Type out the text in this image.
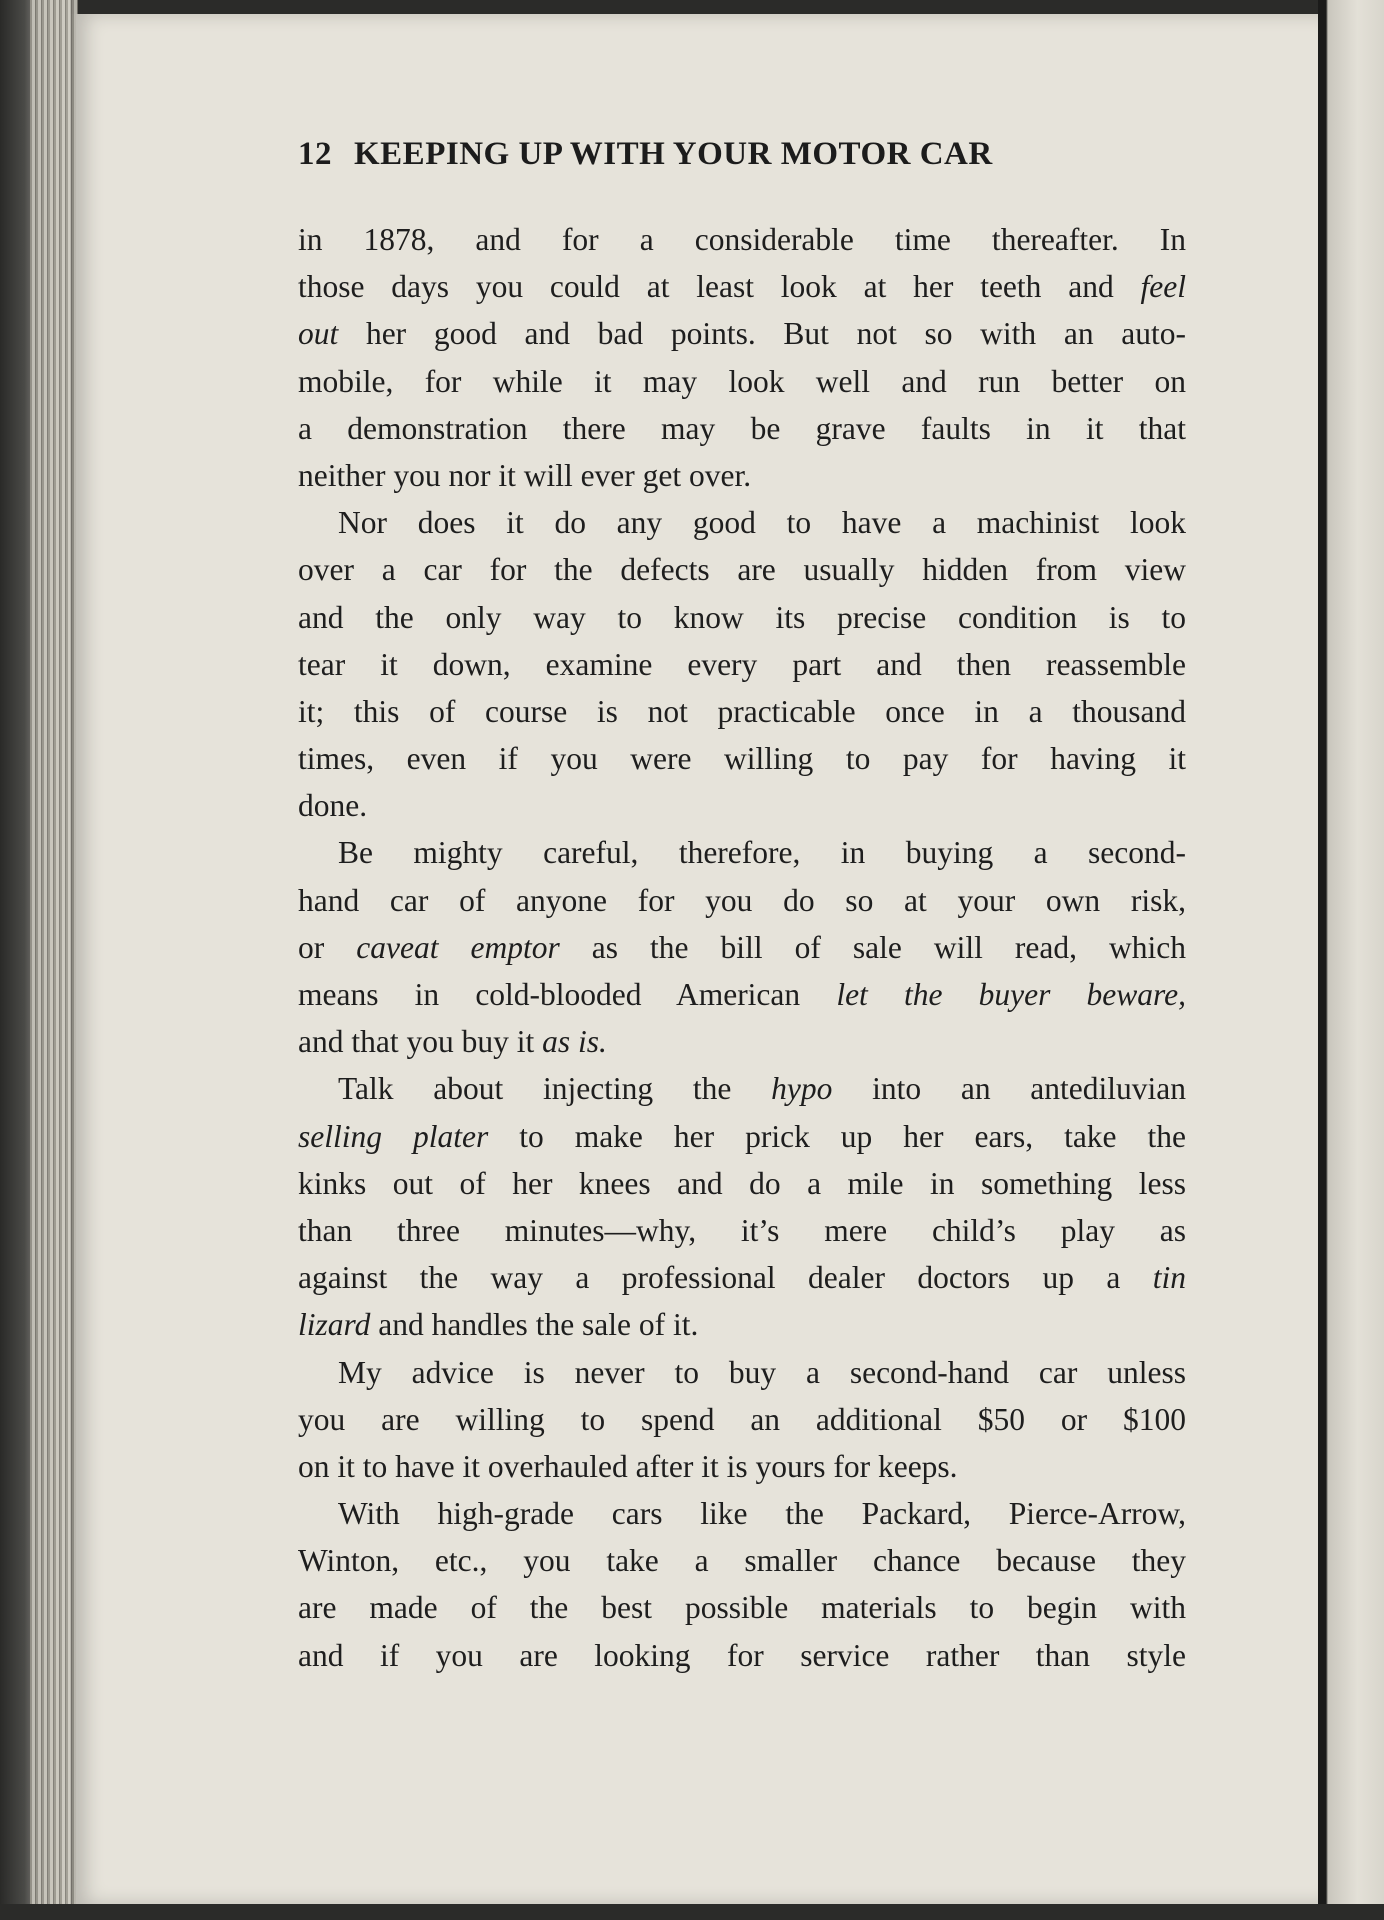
12 KEEPING UP WITH YOUR MOTOR CAR
in 1878, and for a considerable time thereafter. In
those days you could at least look at her teeth and feel
out her good and bad points. But not so with an auto-
mobile, for while it may look well and run better on
a demonstration there may be grave faults in it that
neither you nor it will ever get over.
Nor does it do any good to have a machinist look
over a car for the defects are usually hidden from view
and the only way to know its precise condition is to
tear it down, examine every part and then reassemble
it; this of course is not practicable once in a thousand
times, even if you were willing to pay for having it
done.
Be mighty careful, therefore, in buying a second-
hand car of anyone for you do so at your own risk,
or caveat emptor as the bill of sale will read, which
means in cold-blooded American let the buyer beware,
and that you buy it as is.
Talk about injecting the hypo into an antediluvian
selling plater to make her prick up her ears, take the
kinks out of her knees and do a mile in something less
than three minutes—why, it’s mere child’s play as
against the way a professional dealer doctors up a tin
lizard and handles the sale of it.
My advice is never to buy a second-hand car unless
you are willing to spend an additional $50 or $100
on it to have it overhauled after it is yours for keeps.
With high-grade cars like the Packard, Pierce-Arrow,
Winton, etc., you take a smaller chance because they
are made of the best possible materials to begin with
and if you are looking for service rather than style
